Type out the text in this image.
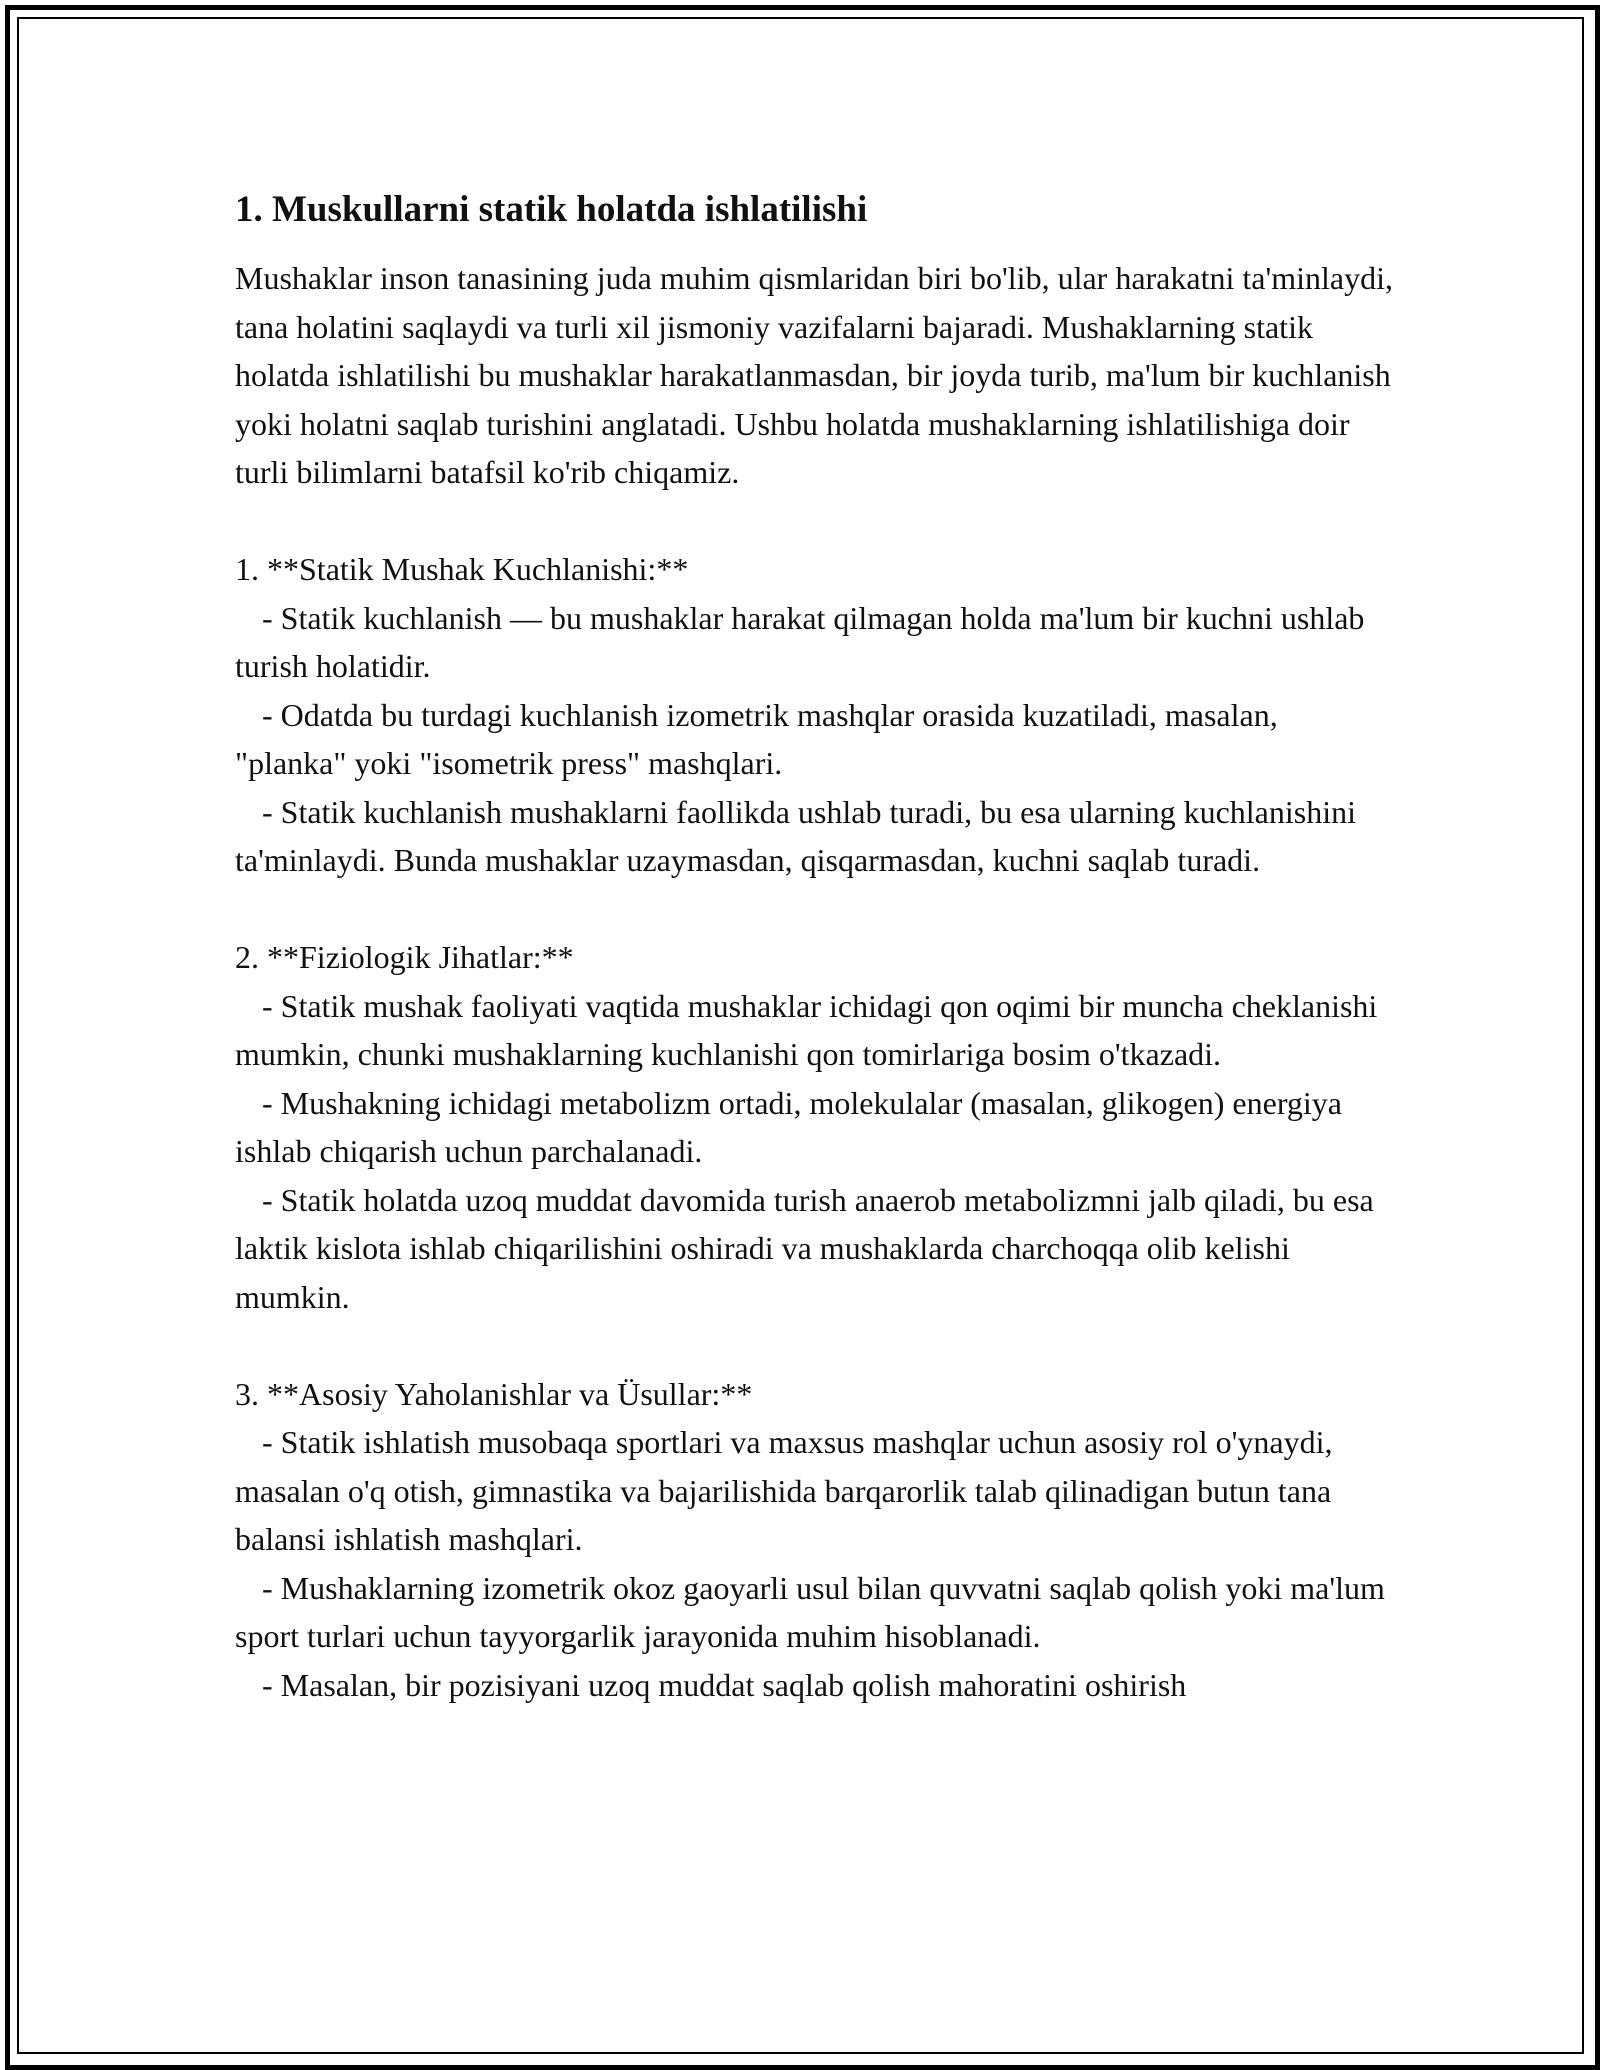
1. Muskullarni statik holatda ishlatilishi

Mushaklar inson tanasining juda muhim qismlaridan biri bo'lib, ular harakatni ta'minlaydi, tana holatini saqlaydi va turli xil jismoniy vazifalarni bajaradi. Mushaklarning statik holatda ishlatilishi bu mushaklar harakatlanmasdan, bir joyda turib, ma'lum bir kuchlanish yoki holatni saqlab turishini anglatadi. Ushbu holatda mushaklarning ishlatilishiga doir turli bilimlarni batafsil ko'rib chiqamiz.

1. **Statik Mushak Kuchlanishi:**

- Statik kuchlanish — bu mushaklar harakat qilmagan holda ma'lum bir kuchni ushlab turish holatidir.

- Odatda bu turdagi kuchlanish izometrik mashqlar orasida kuzatiladi, masalan, "planka" yoki "isometrik press" mashqlari.

- Statik kuchlanish mushaklarni faollikda ushlab turadi, bu esa ularning kuchlanishini ta'minlaydi. Bunda mushaklar uzaymasdan, qisqarmasdan, kuchni saqlab turadi.

2. **Fiziologik Jihatlar:**

- Statik mushak faoliyati vaqtida mushaklar ichidagi qon oqimi bir muncha cheklanishi mumkin, chunki mushaklarning kuchlanishi qon tomirlariga bosim o'tkazadi.

- Mushakning ichidagi metabolizm ortadi, molekulalar (masalan, glikogen) energiya ishlab chiqarish uchun parchalanadi.

- Statik holatda uzoq muddat davomida turish anaerob metabolizmni jalb qiladi, bu esa laktik kislota ishlab chiqarilishini oshiradi va mushaklarda charchoqqa olib kelishi mumkin.

3. **Asosiy Yaholanishlar va Üsullar:**

- Statik ishlatish musobaqa sportlari va maxsus mashqlar uchun asosiy rol o'ynaydi, masalan o'q otish, gimnastika va bajarilishida barqarorlik talab qilinadigan butun tana balansi ishlatish mashqlari.

- Mushaklarning izometrik okoz gaoyarli usul bilan quvvatni saqlab qolish yoki ma'lum sport turlari uchun tayyorgarlik jarayonida muhim hisoblanadi.

- Masalan, bir pozisiyani uzoq muddat saqlab qolish mahoratini oshirish
